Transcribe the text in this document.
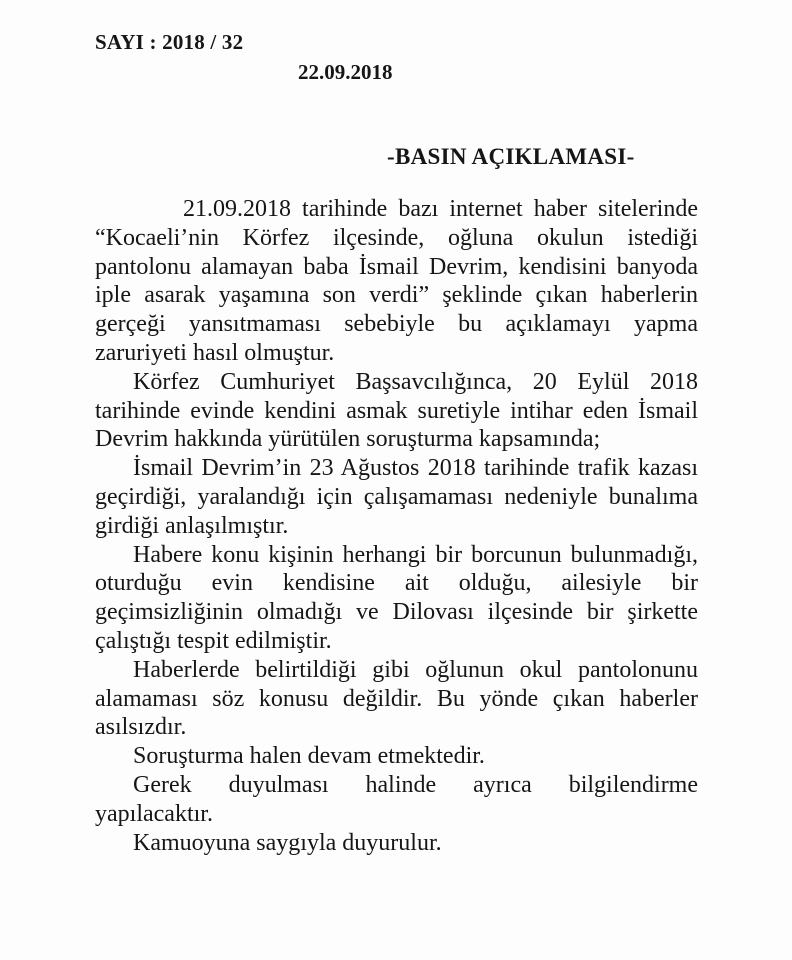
SAYI : 2018 / 32
22.09.2018
-BASIN AÇIKLAMASI-

21.09.2018 tarihinde bazı internet haber sitelerinde “Kocaeli’nin Körfez ilçesinde, oğluna okulun istediği pantolonu alamayan baba İsmail Devrim, kendisini banyoda iple asarak yaşamına son verdi” şeklinde çıkan haberlerin gerçeği yansıtmaması sebebiyle bu açıklamayı yapma zaruriyeti hasıl olmuştur.

Körfez Cumhuriyet Başsavcılığınca, 20 Eylül 2018 tarihinde evinde kendini asmak suretiyle intihar eden İsmail Devrim hakkında yürütülen soruşturma kapsamında;

İsmail Devrim’in 23 Ağustos 2018 tarihinde trafik kazası geçirdiği, yaralandığı için çalışamaması nedeniyle bunalıma girdiği anlaşılmıştır.

Habere konu kişinin herhangi bir borcunun bulunmadığı, oturduğu evin kendisine ait olduğu, ailesiyle bir geçimsizliğinin olmadığı ve Dilovası ilçesinde bir şirkette çalıştığı tespit edilmiştir.

Haberlerde belirtildiği gibi oğlunun okul pantolonunu alamaması söz konusu değildir. Bu yönde çıkan haberler asılsızdır.

Soruşturma halen devam etmektedir.

Gerek duyulması halinde ayrıca bilgilendirme yapılacaktır.

Kamuoyuna saygıyla duyurulur.
